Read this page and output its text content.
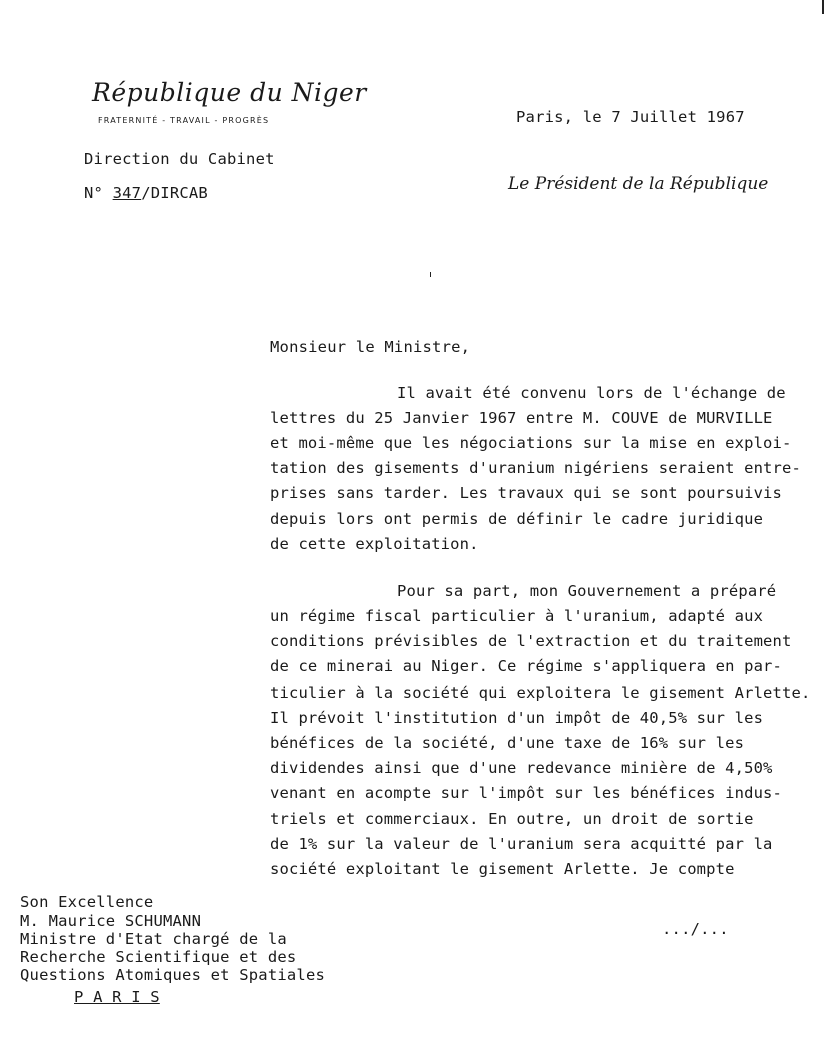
République du Niger
FRATERNITÉ - TRAVAIL - PROGRÈS
Direction du Cabinet
N° 347/DIRCAB
Paris, le 7 Juillet 1967
Le Président de la République
Monsieur le Ministre,
Il avait été convenu lors de l'échange de
lettres du 25 Janvier 1967 entre M. COUVE de MURVILLE
et moi-même que les négociations sur la mise en exploi-
tation des gisements d'uranium nigériens seraient entre-
prises sans tarder. Les travaux qui se sont poursuivis
depuis lors ont permis de définir le cadre juridique
de cette exploitation.
Pour sa part, mon Gouvernement a préparé
un régime fiscal particulier à l'uranium, adapté aux
conditions prévisibles de l'extraction et du traitement
de ce minerai au Niger. Ce régime s'appliquera en par-
ticulier à la société qui exploitera le gisement Arlette.
Il prévoit l'institution d'un impôt de 40,5% sur les
bénéfices de la société, d'une taxe de 16% sur les
dividendes ainsi que d'une redevance minière de 4,50%
venant en acompte sur l'impôt sur les bénéfices indus-
triels et commerciaux. En outre, un droit de sortie
de 1% sur la valeur de l'uranium sera acquitté par la
société exploitant le gisement Arlette. Je compte
Son Excellence
M. Maurice SCHUMANN
Ministre d'Etat chargé de la
Recherche Scientifique et des
Questions Atomiques et Spatiales
P A R I S
.../...
